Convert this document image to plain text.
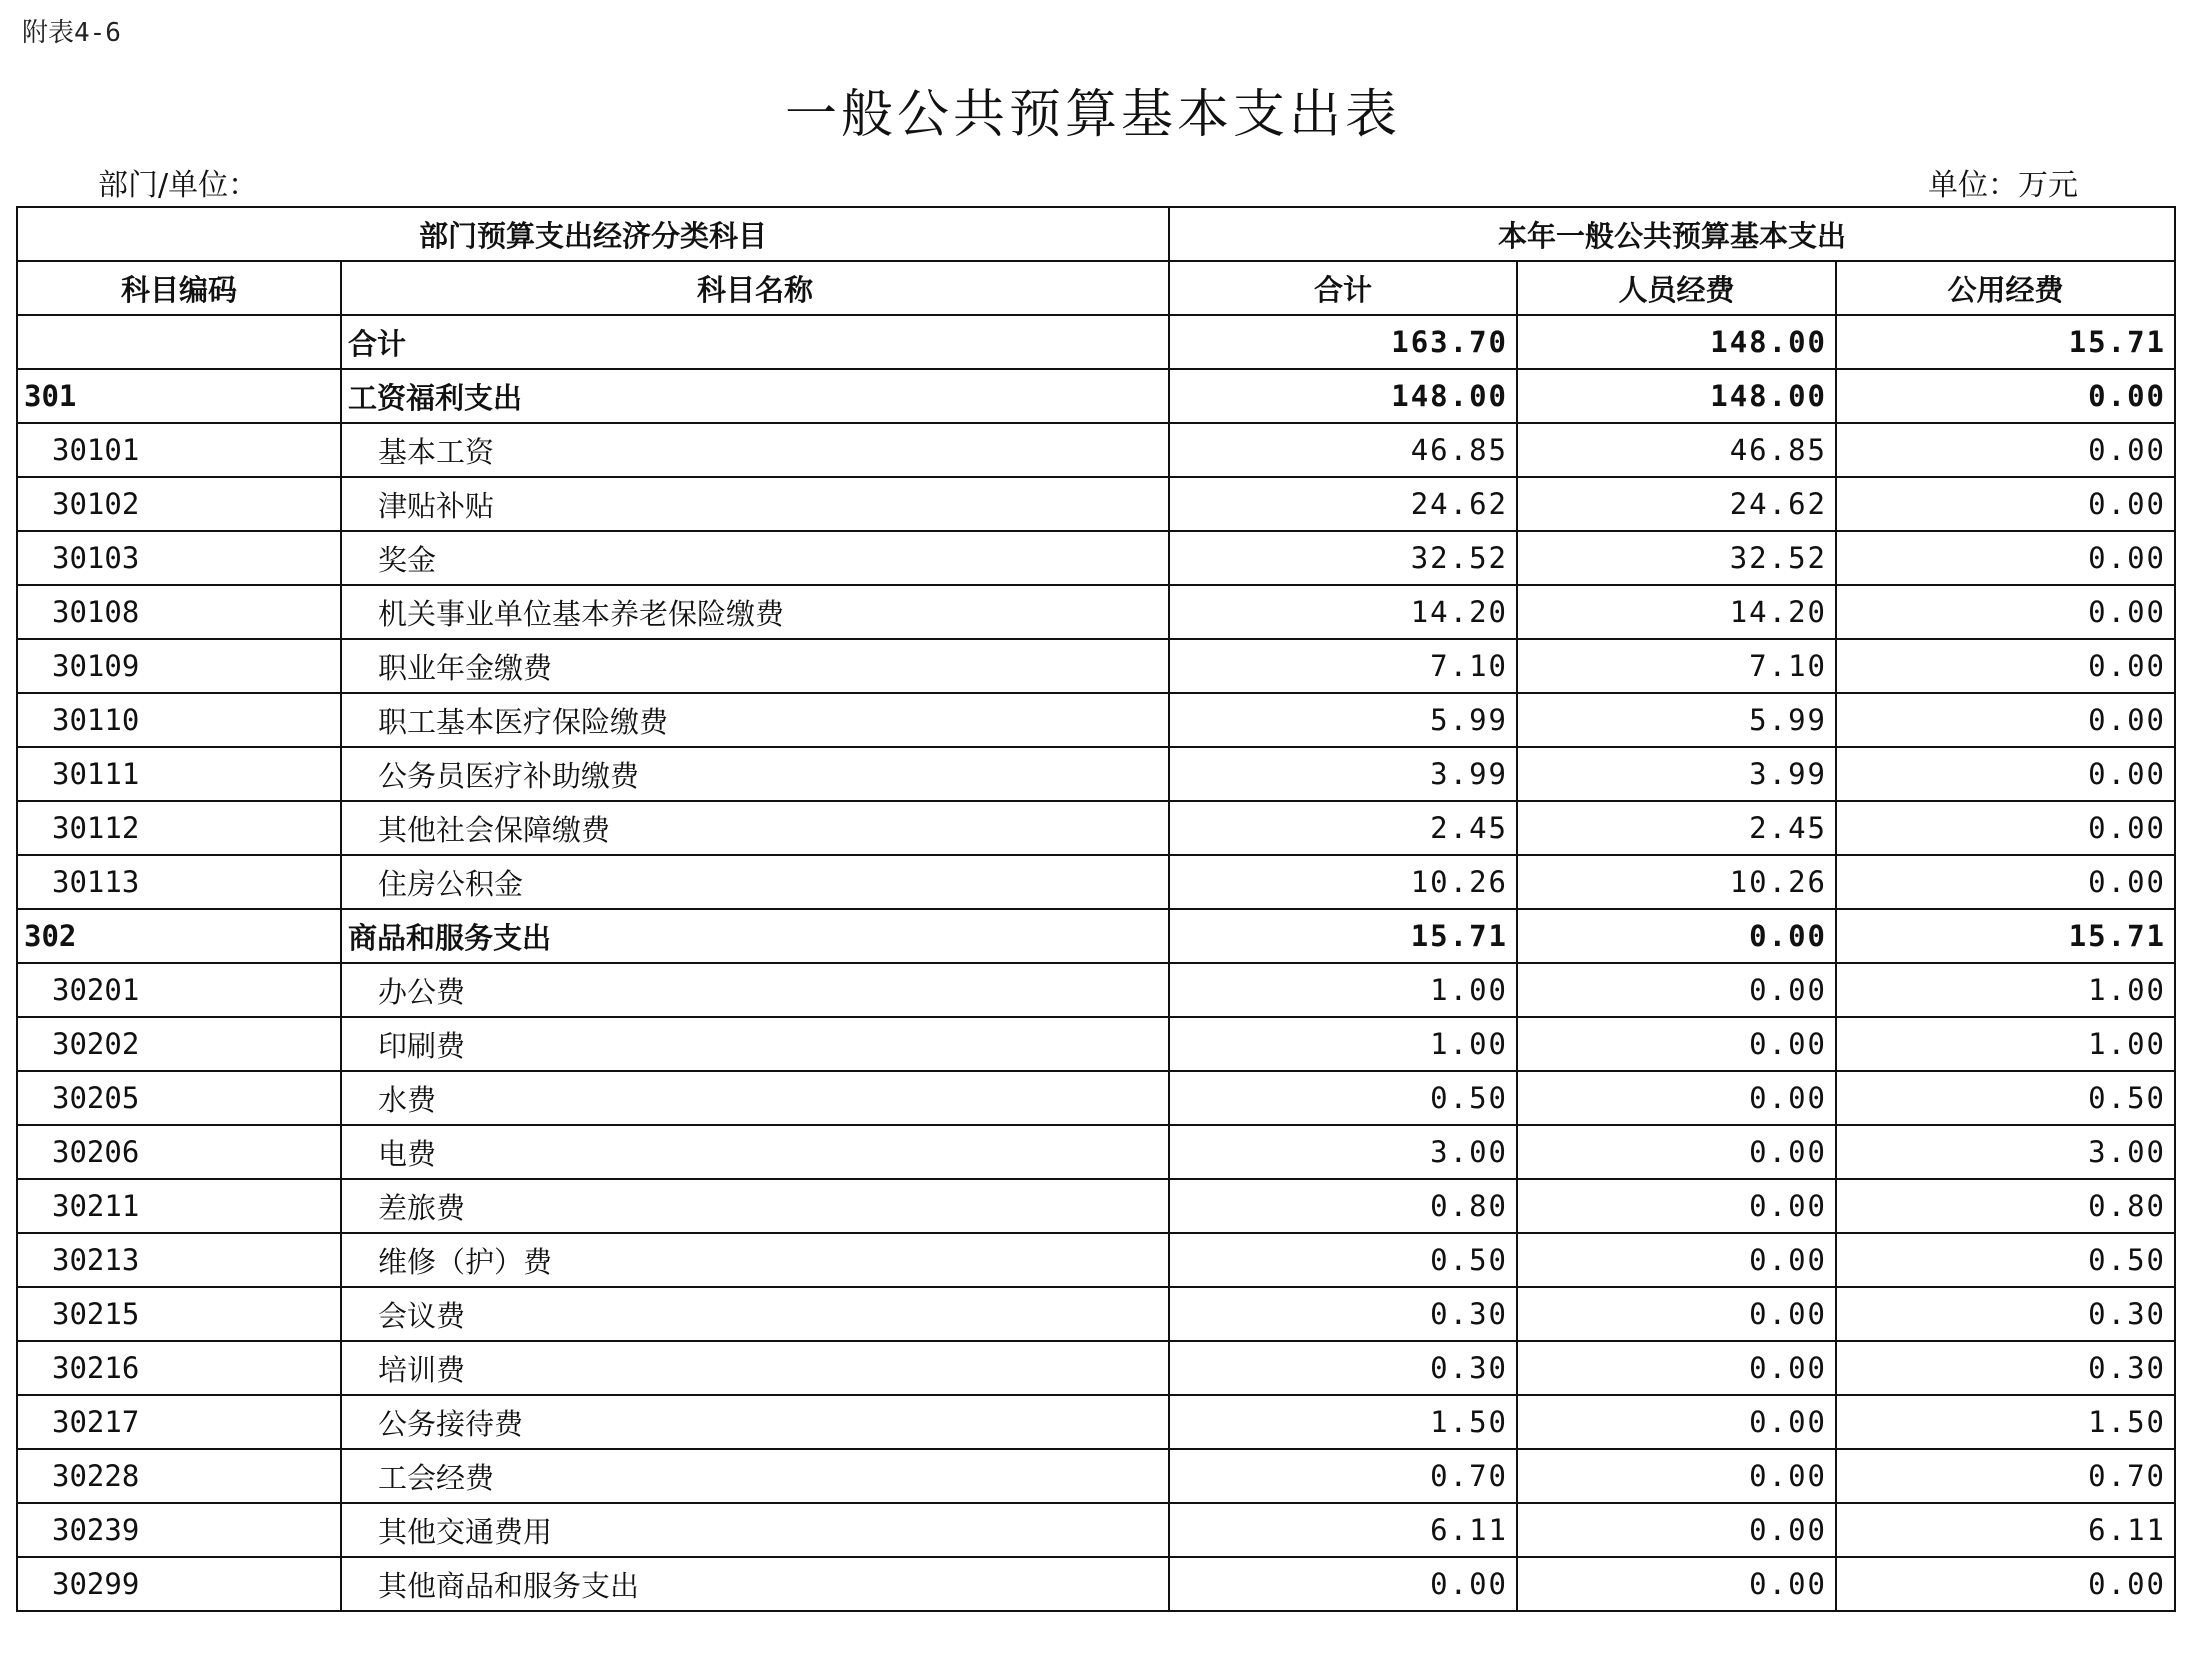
附表4-6
一般公共预算基本支出表
部门/单位：	单位：万元
部门预算支出经济分类科目		本年一般公共预算基本支出		
科目编码	科目名称	合计	人员经费	公用经费
	合计	163.70	148.00	15.71
301	工资福利支出	148.00	148.00	0.00
30101	基本工资	46.85	46.85	0.00
30102	津贴补贴	24.62	24.62	0.00
30103	奖金	32.52	32.52	0.00
30108	机关事业单位基本养老保险缴费	14.20	14.20	0.00
30109	职业年金缴费	7.10	7.10	0.00
30110	职工基本医疗保险缴费	5.99	5.99	0.00
30111	公务员医疗补助缴费	3.99	3.99	0.00
30112	其他社会保障缴费	2.45	2.45	0.00
30113	住房公积金	10.26	10.26	0.00
302	商品和服务支出	15.71	0.00	15.71
30201	办公费	1.00	0.00	1.00
30202	印刷费	1.00	0.00	1.00
30205	水费	0.50	0.00	0.50
30206	电费	3.00	0.00	3.00
30211	差旅费	0.80	0.00	0.80
30213	维修（护）费	0.50	0.00	0.50
30215	会议费	0.30	0.00	0.30
30216	培训费	0.30	0.00	0.30
30217	公务接待费	1.50	0.00	1.50
30228	工会经费	0.70	0.00	0.70
30239	其他交通费用	6.11	0.00	6.11
30299	其他商品和服务支出	0.00	0.00	0.00
